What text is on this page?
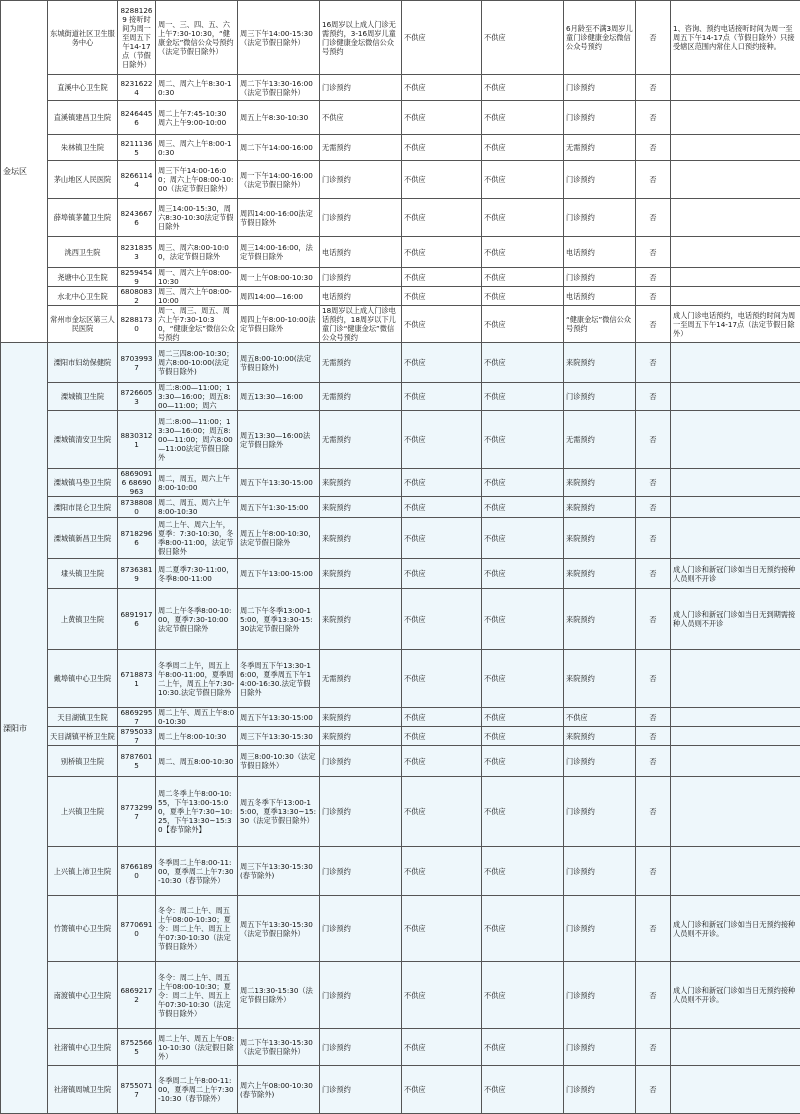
金坛区	东城街道社区卫生服务中心	82881269 接听时间为周一至周五下午14-17点（节假日除外）	周一、三、四、五、六上午7:30-10:30，“健康金坛”微信公众号预约（法定节假日除外）	周三下午14:00-15:30（法定节假日除外）	16周岁以上成人门诊无需预约，3-16周岁儿童门诊健康金坛微信公众号预约	不供应	不供应	6月龄至不满3周岁儿童门诊健康金坛微信公众号预约	否	1、咨询、预约电话接听时间为周一至周五下午14-17点（节假日除外）只接受辖区范围内常住人口预约接种。
	直溪中心卫生院	82316224	周二、周六上午8:30-10:30	周二下午13:30-16:00（法定节假日除外）	门诊预约	不供应	不供应	门诊预约	否	
	直溪镇建昌卫生院	82464456	周二上午7:45-10:30 周六上午9:00-10:00	周五上午8:30-10:30	不供应	不供应	不供应	门诊预约	否	
	朱林镇卫生院	82111365	周三、周六上午8:00-10:30	周二下午14:00-16:00	无需预约	不供应	不供应	无需预约	否	
	茅山地区人民医院	82661144	周三下午14:00-16:00；周六上午08:00-10:00（法定节假日除外）	周一下午14:00-16:00（法定节假日除外）	门诊预约	不供应	不供应	门诊预约	否	
	薛埠镇茅麓卫生院	82436676	周三14:00-15:30，周六8:30-10:30法定节假日除外	周四14:00-16:00法定节假日除外	门诊预约	不供应	不供应	门诊预约	否	
	洮西卫生院	82318353	周三、周六8:00-10:00，法定节假日除外	周三14:00-16:00，法定节假日除外	电话预约	不供应	不供应	电话预约	否	
	尧塘中心卫生院	82594549	周一、周六上午08:00-10:30	周一上午08:00-10:30	门诊预约	不供应	不供应	门诊预约	否	
	水北中心卫生院	68080832	周三、周六上午08:00-10:00	周四14:00—16:00	电话预约	不供应	不供应	电话预约	否	
	常州市金坛区第三人民医院	82881730	周一、周三、周五、周六上午7:30-10:30，“健康金坛”微信公众号预约	周四上午8:00-10:00法定节假日除外	18周岁以上成人门诊电话预约，18周岁以下儿童门诊“健康金坛”微信公众号预约	不供应	不供应	“健康金坛”微信公众号预约	否	成人门诊电话预约，电话预约时间为周一至周五下午14-17点（法定节假日除外）
溧阳市	溧阳市妇幼保健院	87039937	周二三四8:00-10:30；周六8:00-10:00(法定节假日除外)	周五8:00-10:00(法定节假日除外)	无需预约	不供应	不供应	来院预约	否	
	溧城镇卫生院	87266053	周二:8:00—11:00；13:30—16:00；周五8:00—11:00；周六	周五13:30—16:00	无需预约	不供应	不供应	门诊预约	否	
	溧城镇清安卫生院	88303121	周二:8:00—11:00；13:30—16:00；周五8:00—11:00；周六8:00—11:00法定节假日除外	周五13:30—16:00法定节假日除外	无需预约	不供应	不供应	无需预约	否	
	溧城镇马垫卫生院	68690916 68690963	周二，周五，周六上午8:00-10:00	周五下午13:30-15:00	来院预约	不供应	不供应	来院预约	否	
	溧阳市昆仑卫生院	87388080	周二、周五、周六上午8:00-10:30	周五下午1:30-15:00	来院预约	不供应	不供应	来院预约	否	
	溧城镇新昌卫生院	87182966	周二上午、周六上午，夏季：7:30-10:30，冬季8:00-11:00，法定节假日除外	周五上午8:00-10:30，法定节假日除外	来院预约	不供应	不供应	来院预约	否	
	埭头镇卫生院	87363819	周二夏季7:30-11:00，冬季8:00-11:00	周五下午13:00-15:00	来院预约	不供应	不供应	来院预约	否	成人门诊和新冠门诊如当日无预约接种人员则不开诊
	上黄镇卫生院	68919176	周二上午冬季8:00-10:00，夏季7:30-10:00法定节假日除外	周二下午冬季13:00-15:00，夏季13:30-15:30法定节假日除外	来院预约	不供应	不供应	来院预约	否	成人门诊和新冠门诊如当日无到期需接种人员则不开诊
	戴埠镇中心卫生院	67188731	冬季周二上午，周五上午8:00-11:00，夏季周二上午，周五上午7:30-10:30.法定节假日除外	冬季周五下午13:30-16:00，夏季周五下午14:00-16:30.法定节假日除外	无需预约	不供应	不供应	来院预约	否	
	天目湖镇卫生院	68692957	周二上午、周五上午8:00-10:30	周五下午13:30-15:00	来院预约	不供应	不供应	不供应	否	
	天目湖镇平桥卫生院	87950337	周二上午8:00-10:30	周三下午13:30-15:30	来院预约	不供应	不供应	来院预约	否	
	别桥镇卫生院	87876015	周二、周五8:00-10:30	周三8:00-10:30（法定节假日除外）	门诊预约	不供应	不供应	门诊预约	否	
	上兴镇卫生院	87732997	周二冬季上午8:00-10:55，下午13:00-15:00，夏季上午7:30~10:25，下午13:30~15:30【春节除外】	周五冬季下午13:00-15:00，夏季13:30~15:30（法定节假日除外）	门诊预约	不供应	不供应	门诊预约	否	
	上兴镇上沛卫生院	87661890	冬季周二上午8:00-11:00，夏季周二上午7:30-10:30（春节除外）	周三下午13:30-15:30(春节除外)	门诊预约	不供应	不供应	门诊预约	否	
	竹箦镇中心卫生院	87706910	冬令：周二上午、周五上午08:00-10:30；夏令：周二上午、周五上午07:30-10:30（法定节假日除外）	周五下午13:30-15:30（法定节假日除外）	门诊预约	不供应	不供应	门诊预约	否	成人门诊和新冠门诊如当日无预约接种人员则不开诊。
	南渡镇中心卫生院	68692172	冬令：周二上午、周五上午08:00-10:30；夏令：周二上午、周五上午07:30-10:30（法定节假日除外）	周二13:30-15:30（法定节假日除外）	门诊预约	不供应	不供应	门诊预约	否	成人门诊和新冠门诊如当日无预约接种人员则不开诊。
	社渚镇中心卫生院	87525665	周二上午、周五上午08:10-10:30（法定假日除外）	周二下午13:30-15:30（法定节假日除外）	门诊预约	不供应	不供应	门诊预约	否	
	社渚镇周城卫生院	87550717	冬季周二上午8:00-11:00，夏季周二上午7:30-10:30（春节除外）	周六上午08:00-10:30(春节除外)	门诊预约	不供应	不供应	门诊预约	否	
